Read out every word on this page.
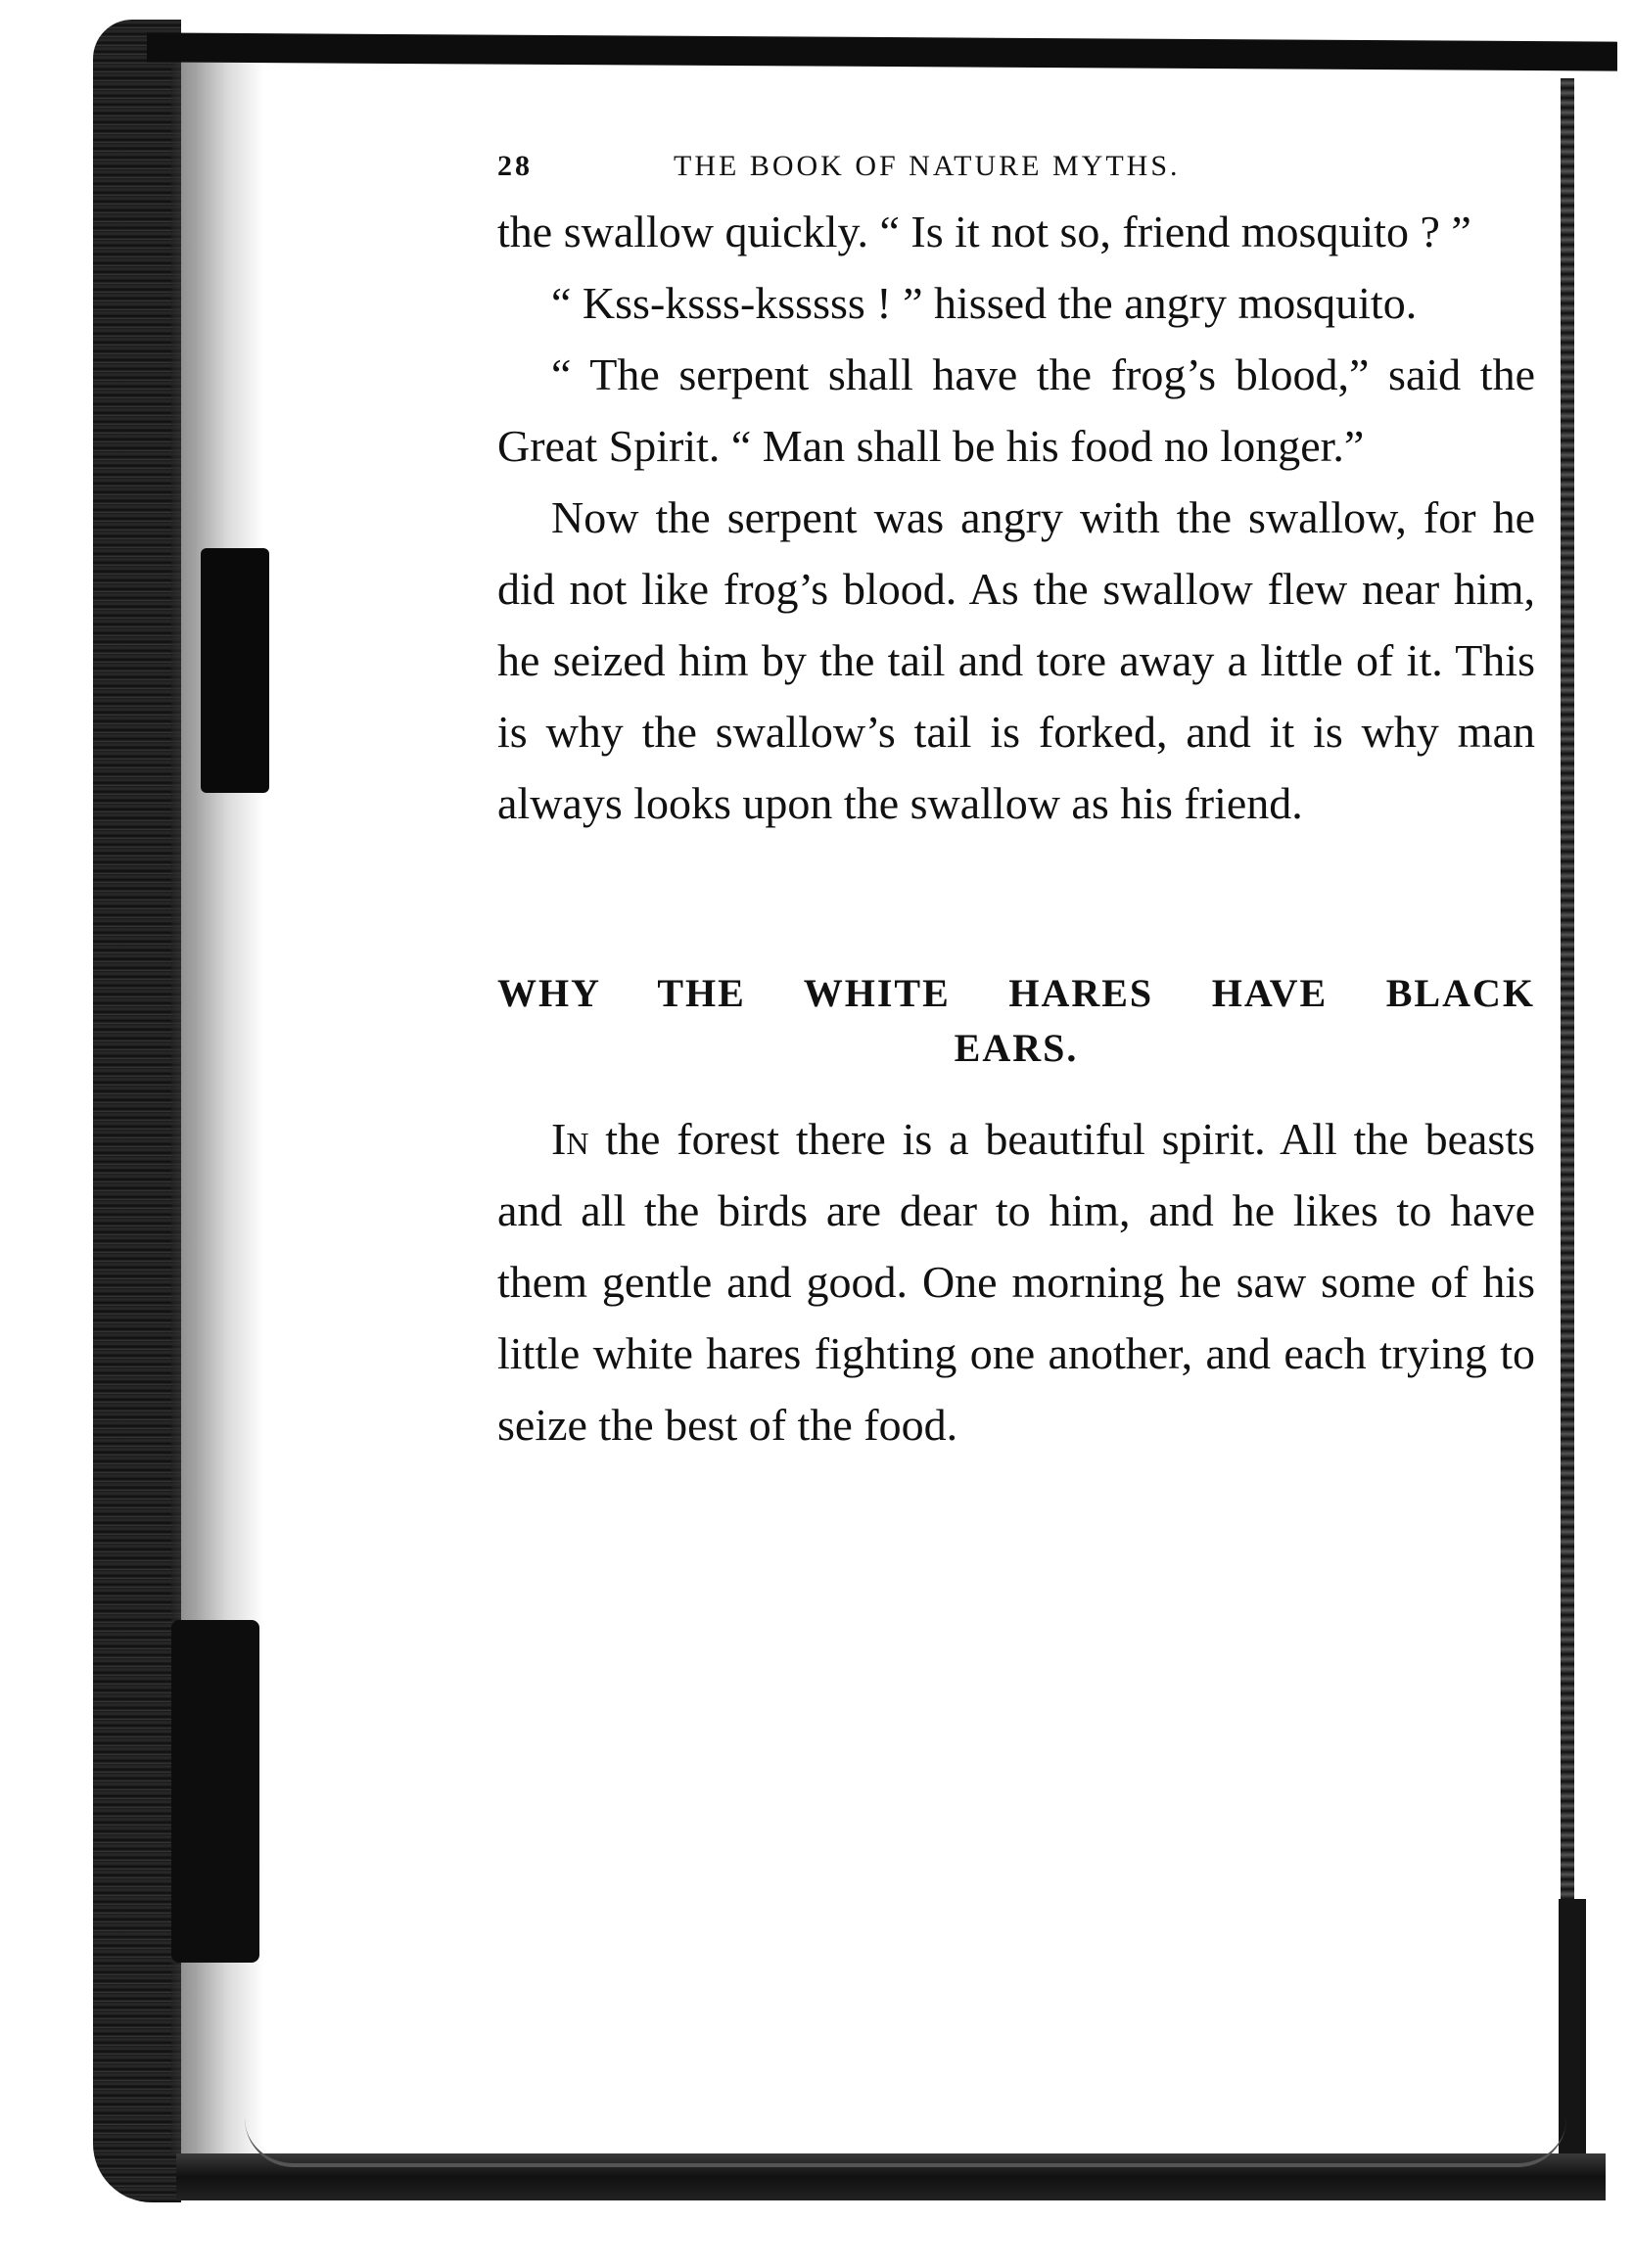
28	THE BOOK OF NATURE MYTHS.

the swallow quickly. “ Is it not so, friend mosquito ? ”

“ Kss-ksss-ksssss ! ” hissed the angry mosquito.

“ The serpent shall have the frog’s blood,” said the Great Spirit. “ Man shall be his food no longer.”

Now the serpent was angry with the swallow, for he did not like frog’s blood. As the swallow flew near him, he seized him by the tail and tore away a little of it. This is why the swallow’s tail is forked, and it is why man always looks upon the swallow as his friend.

WHY THE WHITE HARES HAVE BLACK
EARS.

In the forest there is a beautiful spirit. All the beasts and all the birds are dear to him, and he likes to have them gentle and good. One morning he saw some of his little white hares fighting one another, and each trying to seize the best of the food.
